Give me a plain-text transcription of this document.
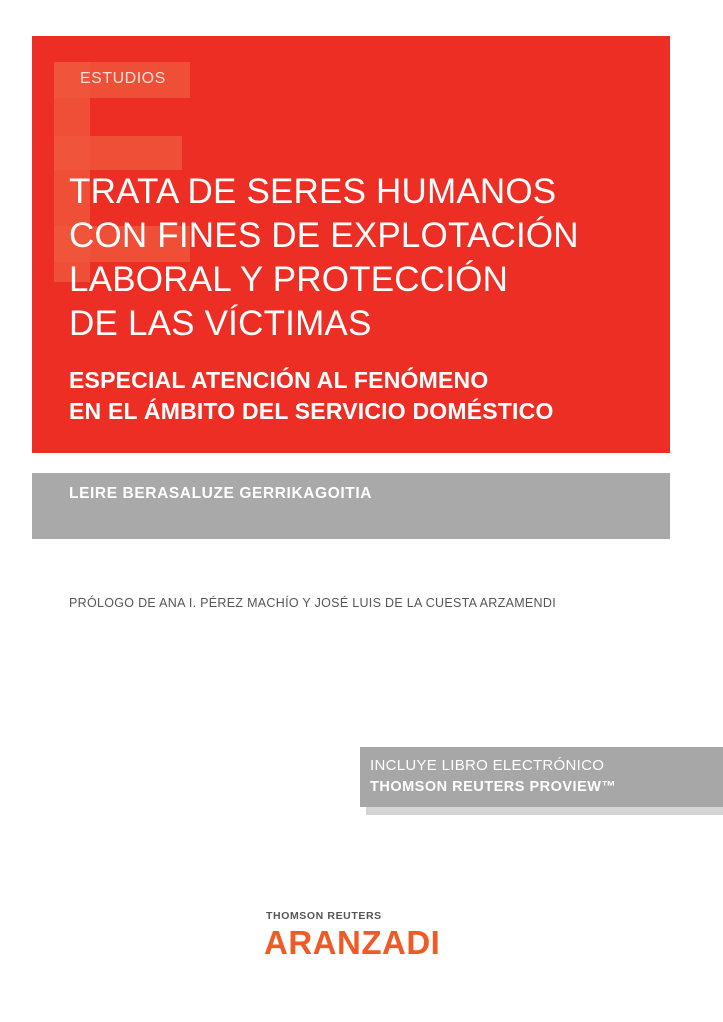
ESTUDIOS
TRATA DE SERES HUMANOS
CON FINES DE EXPLOTACIÓN
LABORAL Y PROTECCIÓN
DE LAS VÍCTIMAS
ESPECIAL ATENCIÓN AL FENÓMENO
EN EL ÁMBITO DEL SERVICIO DOMÉSTICO
LEIRE BERASALUZE GERRIKAGOITIA
PRÓLOGO DE ANA I. PÉREZ MACHÍO Y JOSÉ LUIS DE LA CUESTA ARZAMENDI
INCLUYE LIBRO ELECTRÓNICO
THOMSON REUTERS PROVIEW™
THOMSON REUTERS
ARANZADI
